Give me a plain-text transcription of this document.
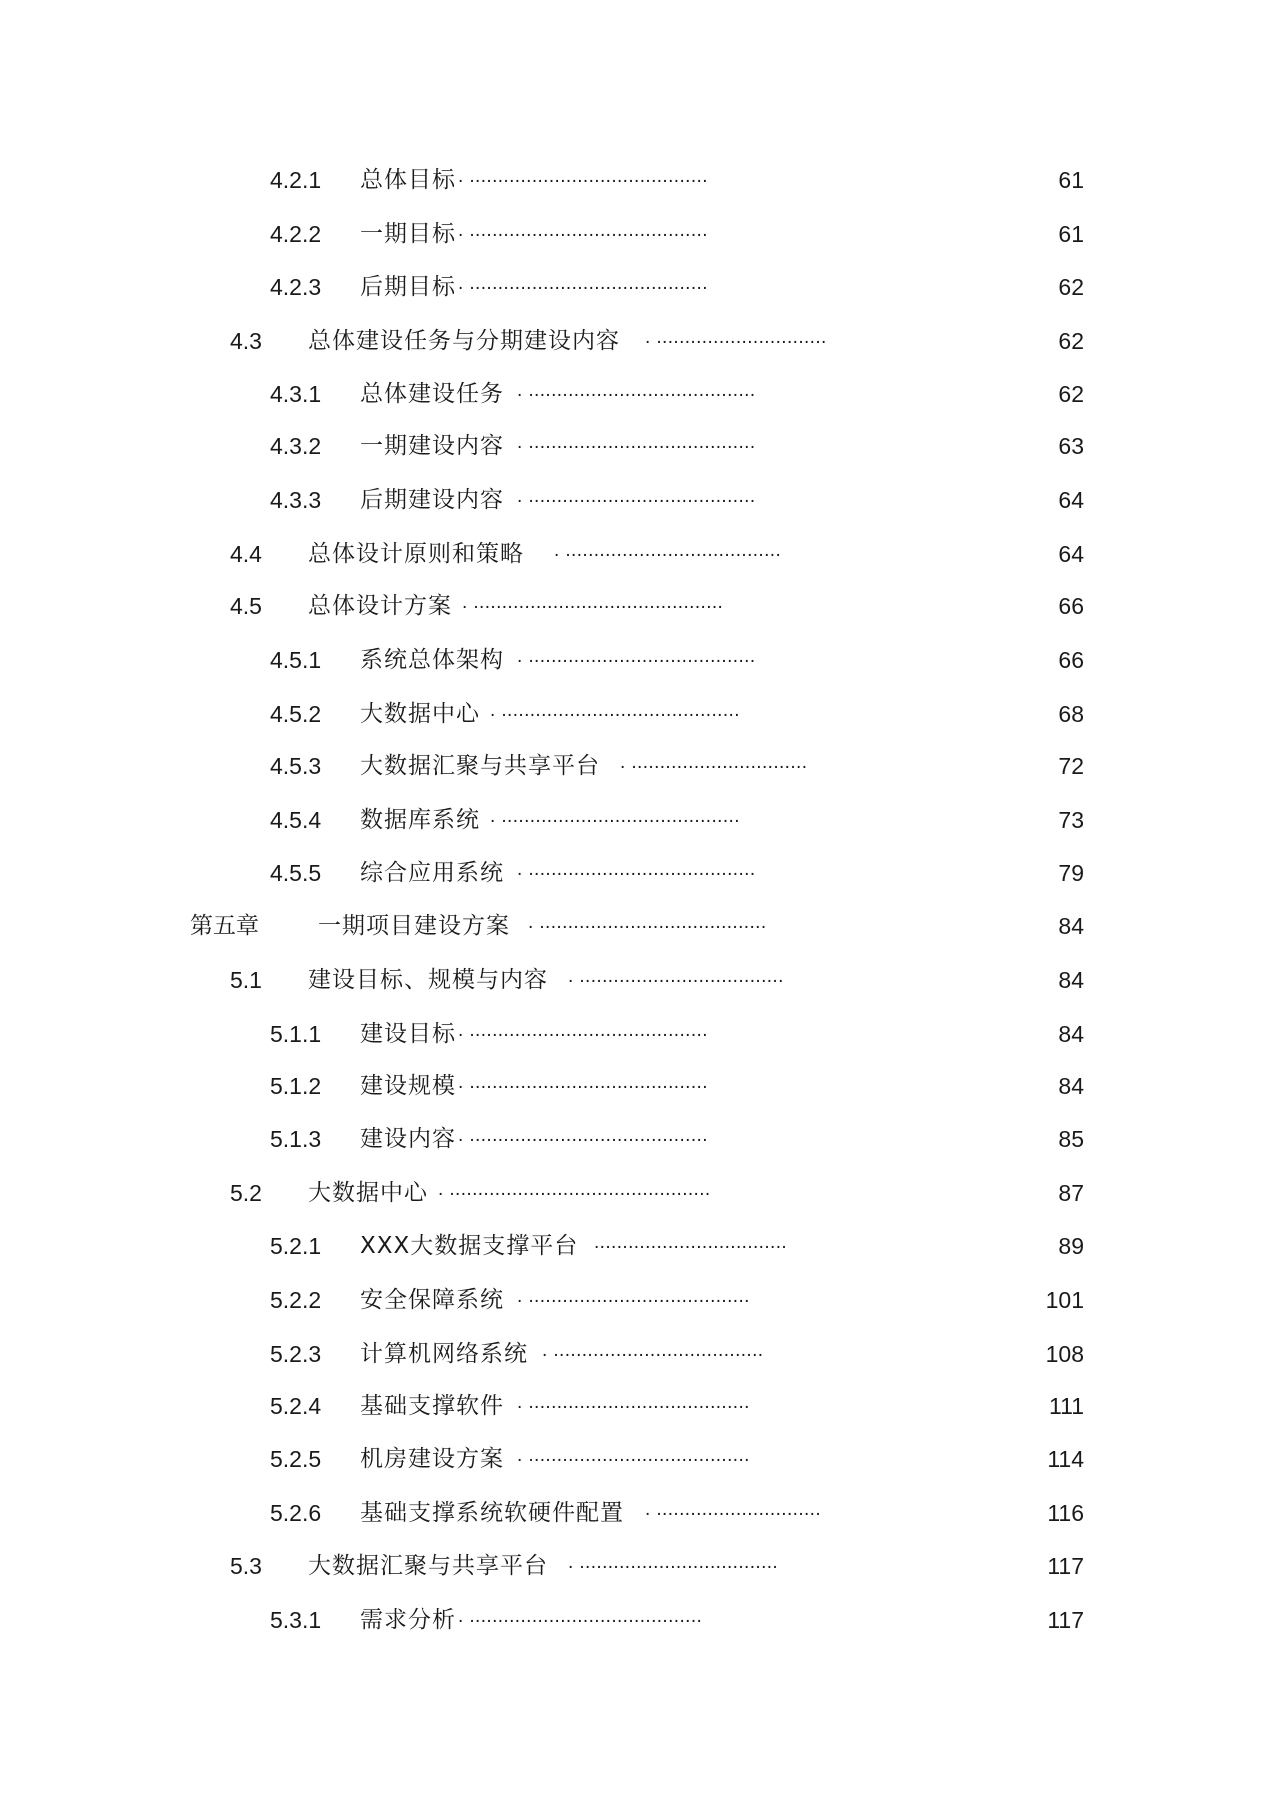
4.2.1 总体目标 . ..........................................	61
4.2.2 一期目标 . ..........................................	61
4.2.3 后期目标 . ..........................................	62
4.3 总体建设任务与分期建设内容 . ..............................	62
4.3.1 总体建设任务 . ........................................	62
4.3.2 一期建设内容 . ........................................	63
4.3.3 后期建设内容 . ........................................	64
4.4 总体设计原则和策略 . ......................................	64
4.5 总体设计方案 . ............................................	66
4.5.1 系统总体架构 . ........................................	66
4.5.2 大数据中心 . ..........................................	68
4.5.3 大数据汇聚与共享平台 . ...............................	72
4.5.4 数据库系统 . ..........................................	73
4.5.5 综合应用系统 . ........................................	79
第五章	一期项目建设方案 . ........................................	84
5.1 建设目标、规模与内容 . ....................................	84
5.1.1 建设目标 . ..........................................	84
5.1.2 建设规模 . ..........................................	84
5.1.3 建设内容 . ..........................................	85
5.2 大数据中心 . ..............................................	87
5.2.1 XXX大数据支撑平台 ..................................	89
5.2.2 安全保障系统 . .......................................	101
5.2.3 计算机网络系统 . .....................................	108
5.2.4 基础支撑软件 . .......................................	111
5.2.5 机房建设方案 . .......................................	114
5.2.6 基础支撑系统软硬件配置 . .............................	116
5.3 大数据汇聚与共享平台 . ...................................	117
5.3.1 需求分析 . .........................................	117
